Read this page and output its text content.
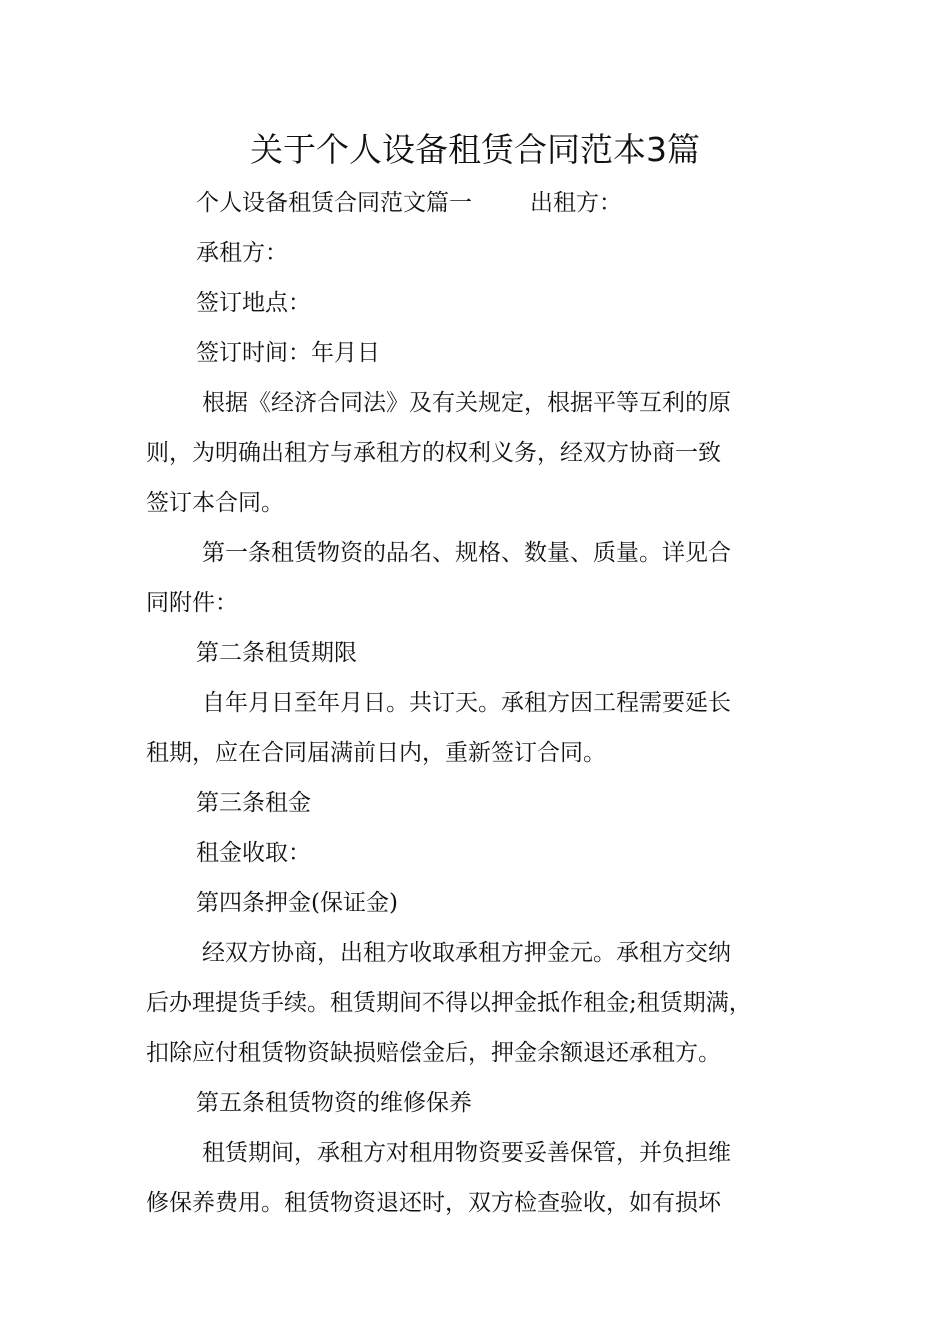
关于个人设备租赁合同范本3篇
个人设备租赁合同范文篇一	出租方：
承租方：
签订地点：
签订时间：年月日
根据《经济合同法》及有关规定，根据平等互利的原
则，为明确出租方与承租方的权利义务，经双方协商一致
签订本合同。
第一条租赁物资的品名、规格、数量、质量。详见合
同附件：
第二条租赁期限
自年月日至年月日。共订天。承租方因工程需要延长
租期，应在合同届满前日内，重新签订合同。
第三条租金
租金收取：
第四条押金(保证金)
经双方协商，出租方收取承租方押金元。承租方交纳
后办理提货手续。租赁期间不得以押金抵作租金;租赁期满，
扣除应付租赁物资缺损赔偿金后，押金余额退还承租方。
第五条租赁物资的维修保养
租赁期间，承租方对租用物资要妥善保管，并负担维
修保养费用。租赁物资退还时，双方检查验收，如有损坏
